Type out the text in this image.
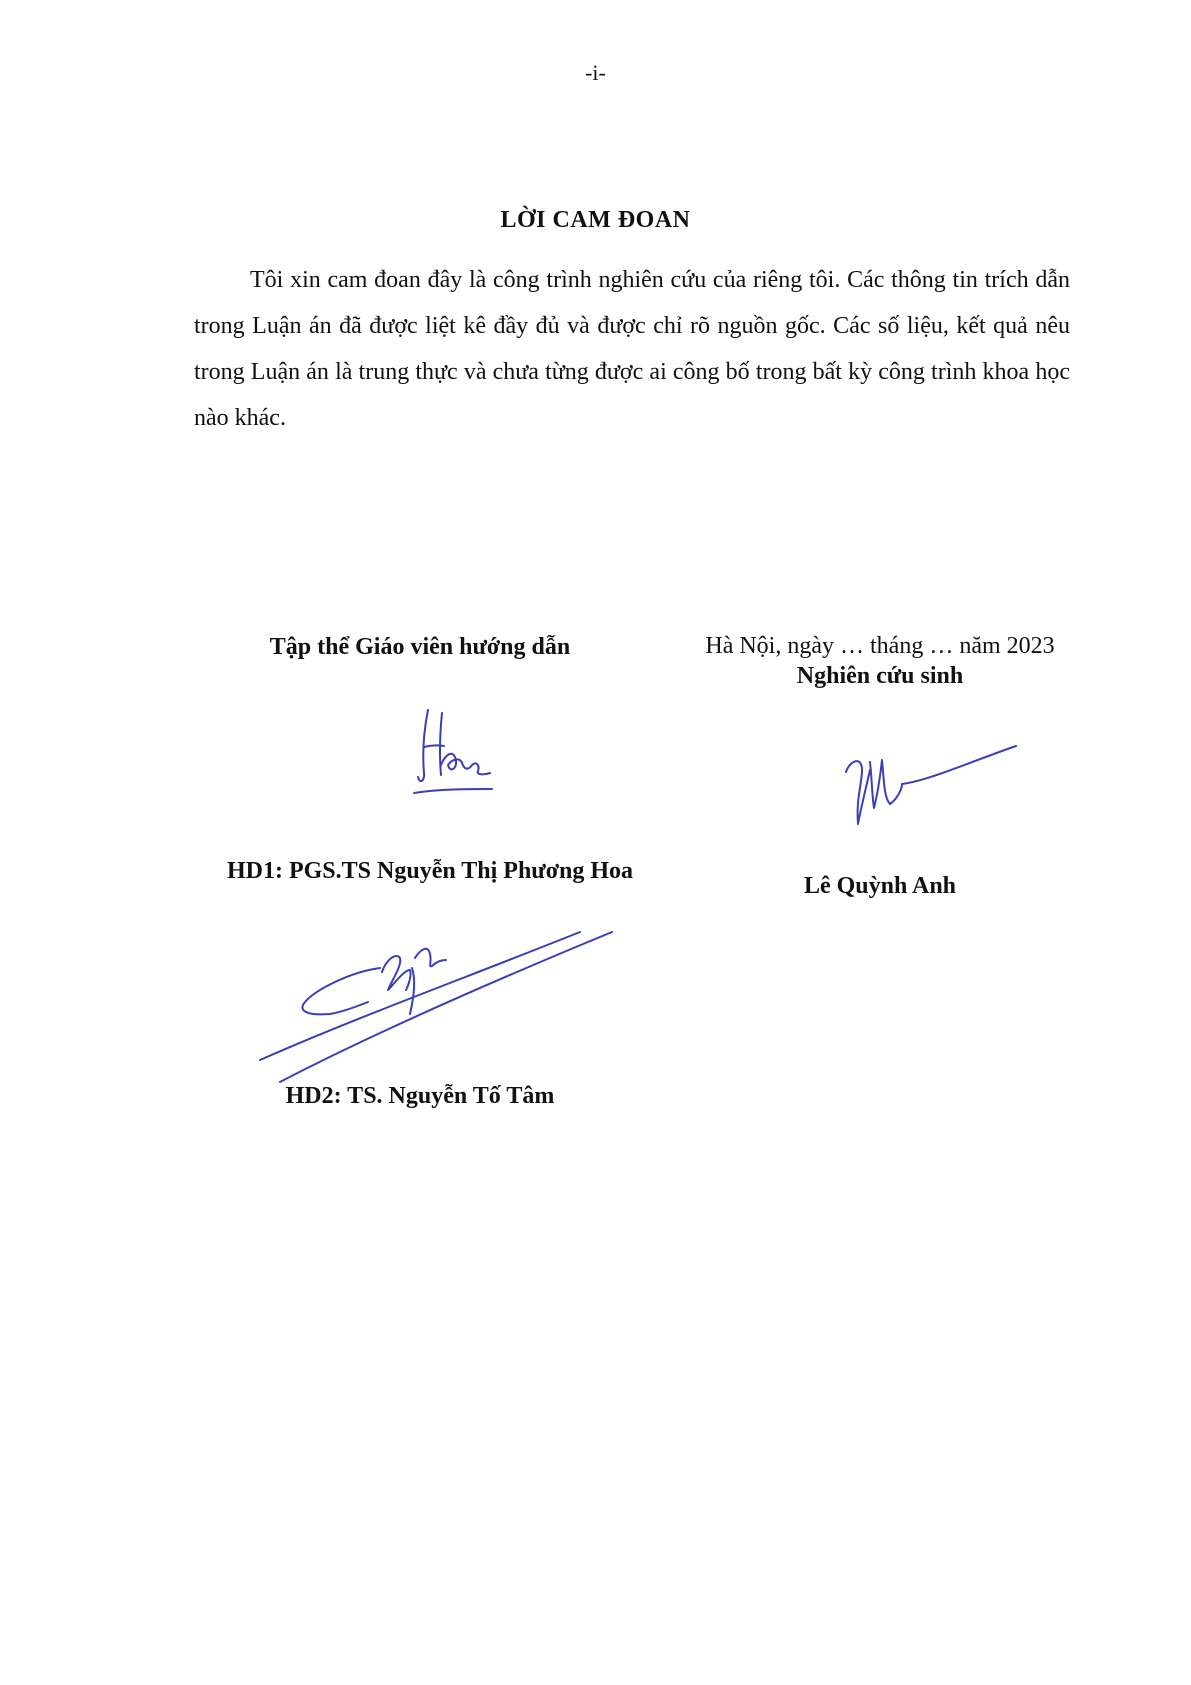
-i-
LỜI CAM ĐOAN

Tôi xin cam đoan đây là công trình nghiên cứu của riêng tôi. Các thông tin trích dẫn trong Luận án đã được liệt kê đầy đủ và được chỉ rõ nguồn gốc. Các số liệu, kết quả nêu trong Luận án là trung thực và chưa từng được ai công bố trong bất kỳ công trình khoa học nào khác.

Tập thể Giáo viên hướng dẫn	Hà Nội, ngày … tháng … năm 2023
Nghiên cứu sinh
HD1: PGS.TS Nguyễn Thị Phương Hoa
HD2: TS. Nguyễn Tố Tâm
Lê Quỳnh Anh
